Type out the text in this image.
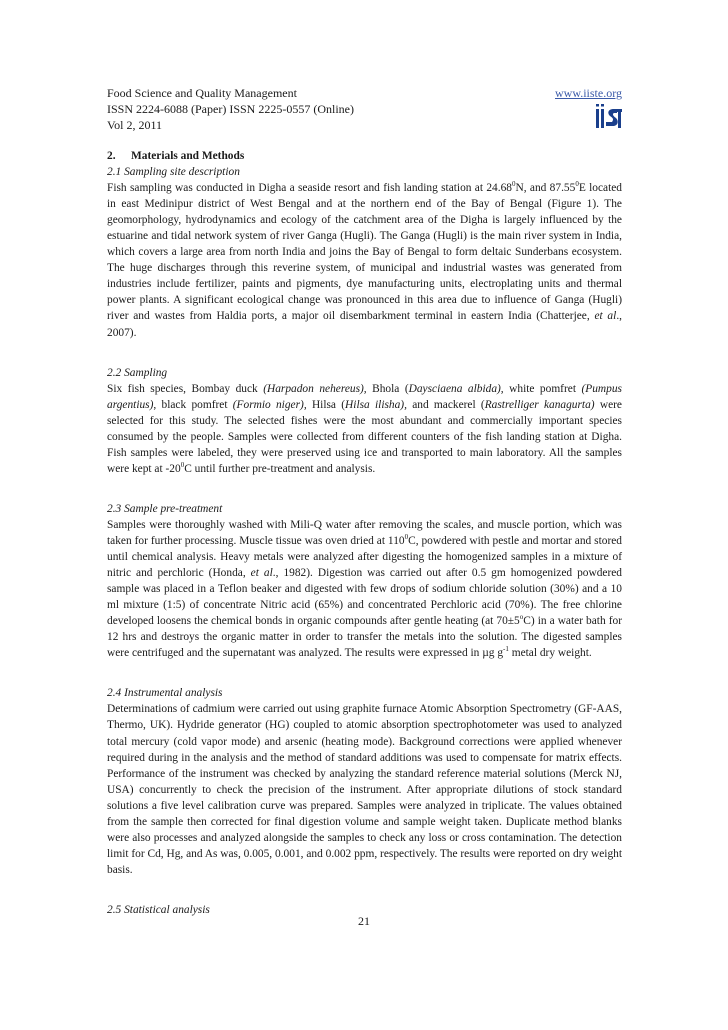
Food Science and Quality Management	www.iiste.org
ISSN 2224-6088 (Paper) ISSN 2225-0557 (Online)
Vol 2, 2011
2. Materials and Methods
2.1 Sampling site description

Fish sampling was conducted in Digha a seaside resort and fish landing station at 24.68$^0$N, and 87.55$^0$E located in east Medinipur district of West Bengal and at the northern end of the Bay of Bengal (Figure 1). The geomorphology, hydrodynamics and ecology of the catchment area of the Digha is largely influenced by the estuarine and tidal network system of river Ganga (Hugli). The Ganga (Hugli) is the main river system in India, which covers a large area from north India and joins the Bay of Bengal to form deltaic Sunderbans ecosystem. The huge discharges through this reverine system, of municipal and industrial wastes was generated from industries include fertilizer, paints and pigments, dye manufacturing units, electroplating units and thermal power plants. A significant ecological change was pronounced in this area due to influence of Ganga (Hugli) river and wastes from Haldia ports, a major oil disembarkment terminal in eastern India (Chatterjee, et al., 2007).

2.2 Sampling

Six fish species, Bombay duck (Harpadon nehereus), Bhola (Daysciaena albida), white pomfret (Pumpus argentius), black pomfret (Formio niger), Hilsa (Hilsa ilisha), and mackerel (Rastrelliger kanagurta) were selected for this study. The selected fishes were the most abundant and commercially important species consumed by the people. Samples were collected from different counters of the fish landing station at Digha. Fish samples were labeled, they were preserved using ice and transported to main laboratory. All the samples were kept at $-20^0C$ until further pre-treatment and analysis.

2.3 Sample pre-treatment

Samples were thoroughly washed with Mili-Q water after removing the scales, and muscle portion, which was taken for further processing. Muscle tissue was oven dried at $110^0C$, powdered with pestle and mortar and stored until chemical analysis. Heavy metals were analyzed after digesting the homogenized samples in a mixture of nitric and perchloric (Honda, et al., 1982). Digestion was carried out after 0.5 gm homogenized powdered sample was placed in a Teflon beaker and digested with few drops of sodium chloride solution (30%) and a 10 ml mixture (1:5) of concentrate Nitric acid (65%) and concentrated Perchloric acid (70%). The free chlorine developed loosens the chemical bonds in organic compounds after gentle heating (at $70\pm 5^oC$) in a water bath for 12 hrs and destroys the organic matter in order to transfer the metals into the solution. The digested samples were centrifuged and the supernatant was analyzed. The results were expressed in µg $g^{-1}$ metal dry weight.

2.4 Instrumental analysis

Determinations of cadmium were carried out using graphite furnace Atomic Absorption Spectrometry (GF-AAS, Thermo, UK). Hydride generator (HG) coupled to atomic absorption spectrophotometer was used to analyzed total mercury (cold vapor mode) and arsenic (heating mode). Background corrections were applied whenever required during in the analysis and the method of standard additions was used to compensate for matrix effects. Performance of the instrument was checked by analyzing the standard reference material solutions (Merck NJ, USA) concurrently to check the precision of the instrument. After appropriate dilutions of stock standard solutions a five level calibration curve was prepared. Samples were analyzed in triplicate. The values obtained from the sample then corrected for final digestion volume and sample weight taken. Duplicate method blanks were also processes and analyzed alongside the samples to check any loss or cross contamination. The detection limit for Cd, Hg, and As was, 0.005, 0.001, and 0.002 ppm, respectively. The results were reported on dry weight basis.

2.5 Statistical analysis
21
